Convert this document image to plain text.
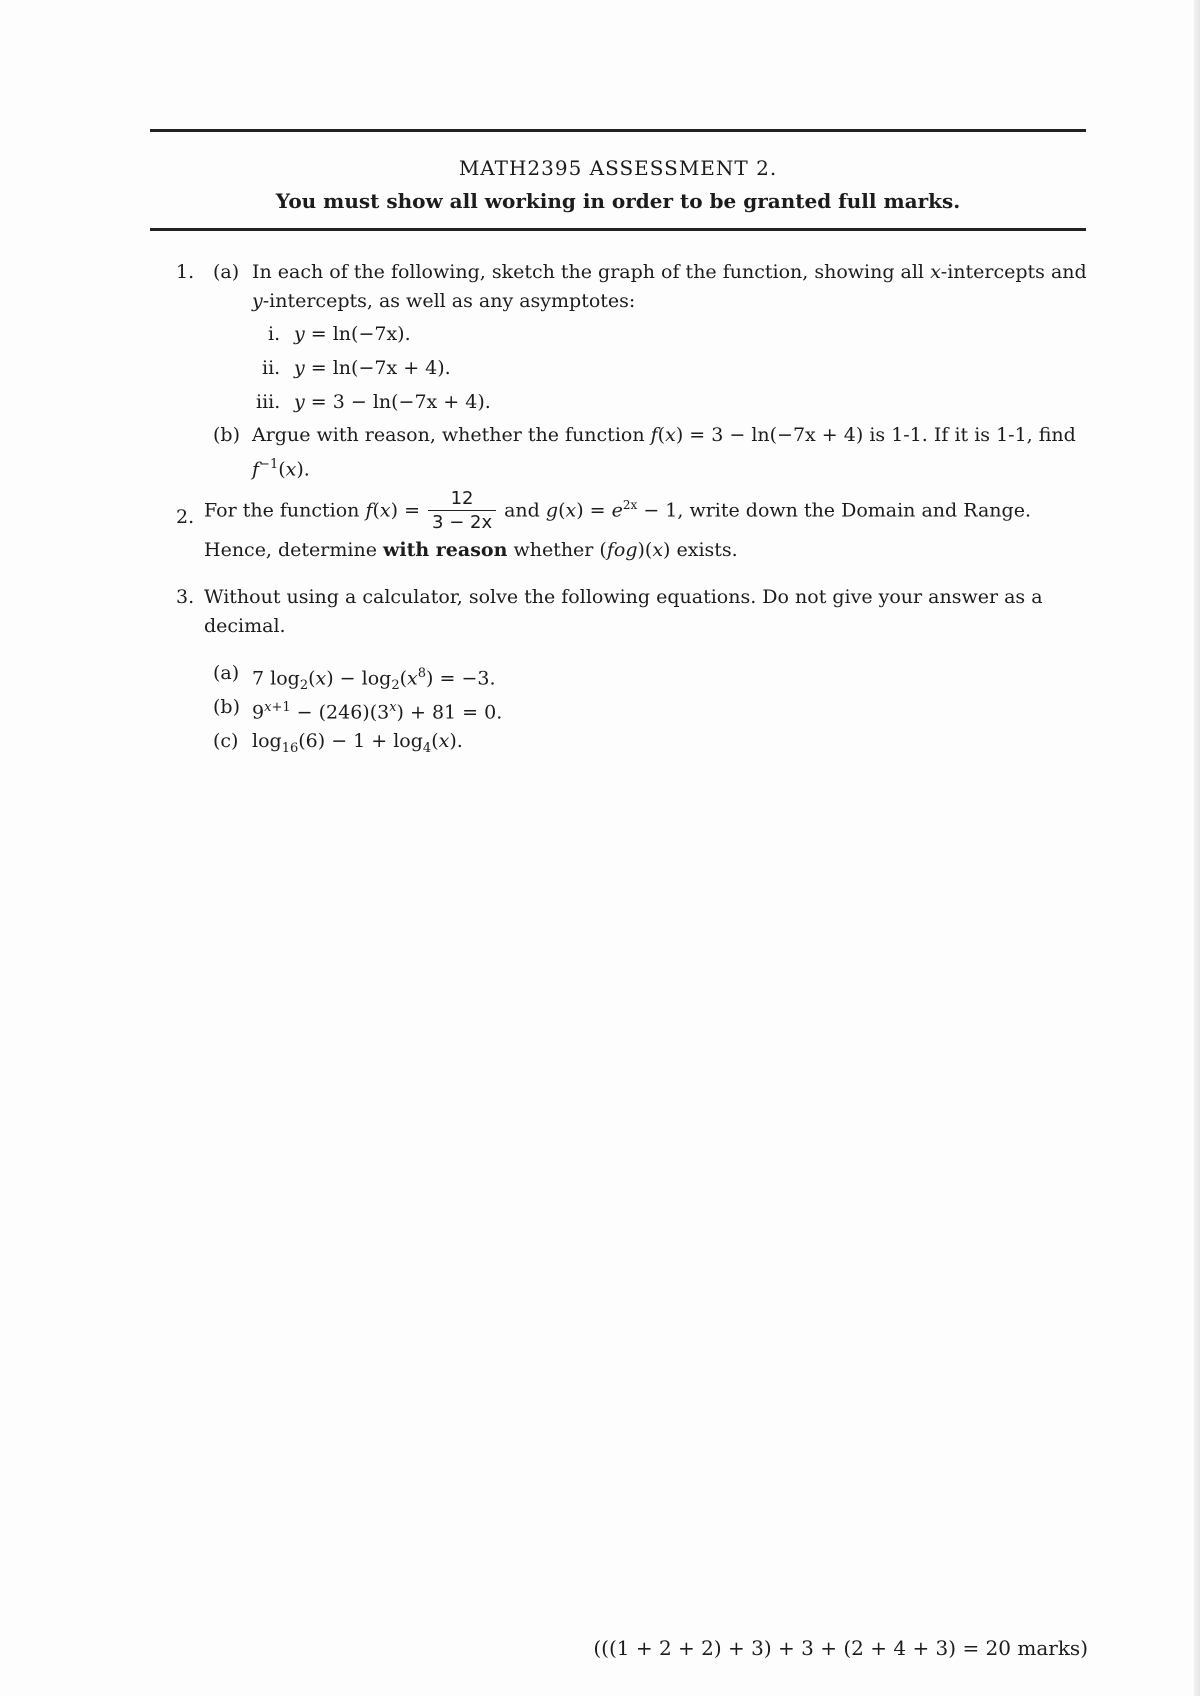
MATH2395 ASSESSMENT 2.
You must show all working in order to be granted full marks.
1. (a) In each of the following, sketch the graph of the function, showing all x-intercepts and
y-intercepts, as well as any asymptotes:
i. y = ln(−7x).
ii. y = ln(−7x + 4).
iii. y = 3 − ln(−7x + 4).
(b) Argue with reason, whether the function f(x) = 3 − ln(−7x + 4) is 1-1. If it is 1-1, find
$f^{-1}(x)$.
2. For the function $f(x) = \frac{12}{3 - 2x}$ and $g(x) = e^{2x} - 1$, write down the Domain and Range.
Hence, determine with reason whether (fog)(x) exists.
3. Without using a calculator, solve the following equations. Do not give your answer as a
decimal.
(a) 7 $\log_2(x) - \log_2(x^8) = -3$.
(b) $9^{x+1} - (246)(3^x) + 81 = 0$.
(c) $\log_{16}(6) - 1 + \log_4(x)$.
(((1 + 2 + 2) + 3) + 3 + (2 + 4 + 3) = 20 marks)
